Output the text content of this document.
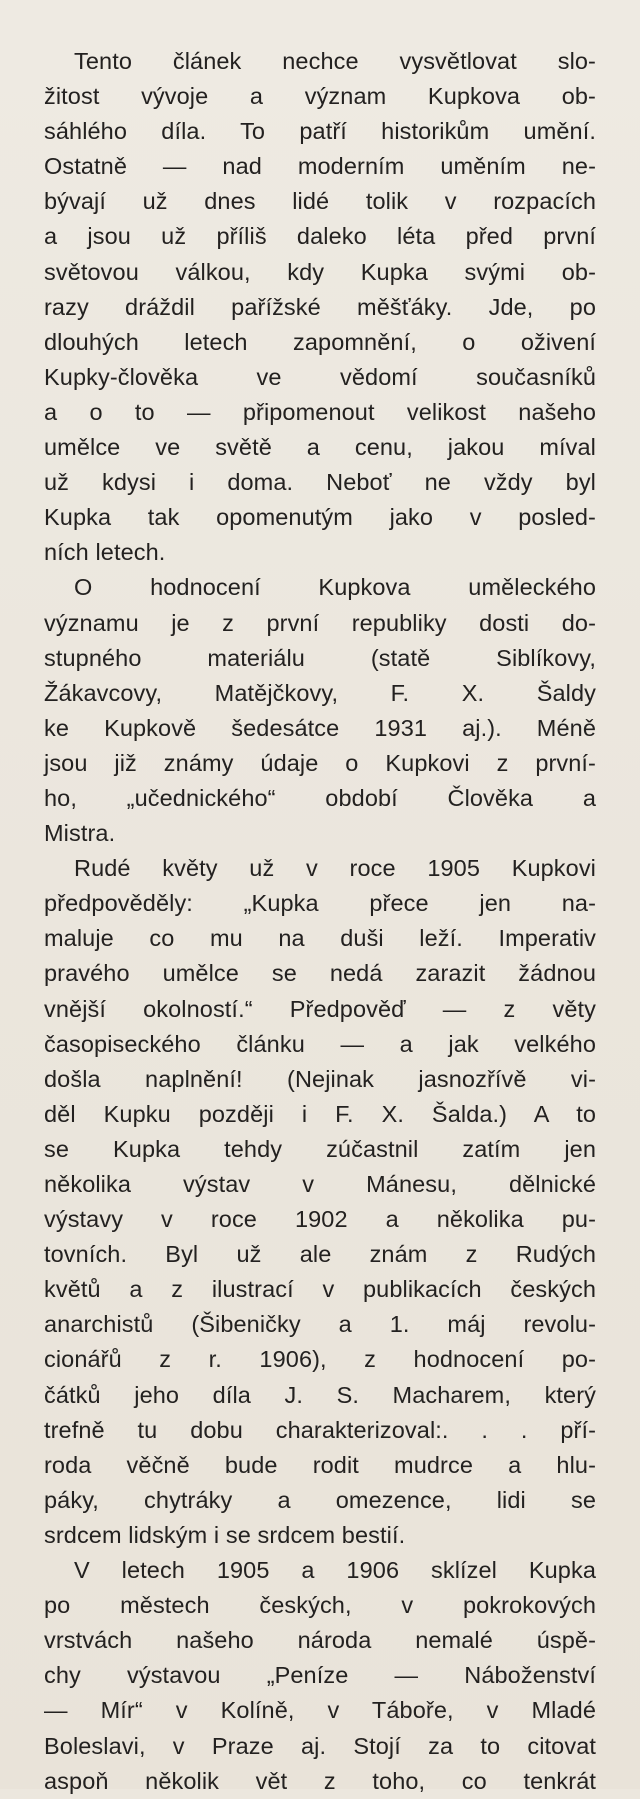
Tento článek nechce vysvětlovat slo-
žitost vývoje a význam Kupkova ob-
sáhlého díla. To patří historikům umění.
Ostatně — nad moderním uměním ne-
bývají už dnes lidé tolik v rozpacích
a jsou už příliš daleko léta před první
světovou válkou, kdy Kupka svými ob-
razy dráždil pařížské měšťáky. Jde, po
dlouhých letech zapomnění, o oživení
Kupky-člověka ve vědomí současníků
a o to — připomenout velikost našeho
umělce ve světě a cenu, jakou míval
už kdysi i doma. Neboť ne vždy byl
Kupka tak opomenutým jako v posled-
ních letech.
O hodnocení Kupkova uměleckého
významu je z první republiky dosti do-
stupného materiálu (statě Siblíkovy,
Žákavcovy, Matějčkovy, F. X. Šaldy
ke Kupkově šedesátce 1931 aj.). Méně
jsou již známy údaje o Kupkovi z první-
ho, „učednického“ období Člověka a
Mistra.
Rudé květy už v roce 1905 Kupkovi
předpověděly: „Kupka přece jen na-
maluje co mu na duši leží. Imperativ
pravého umělce se nedá zarazit žádnou
vnější okolností.“ Předpověď — z věty
časopiseckého článku — a jak velkého
došla naplnění! (Nejinak jasnozřívě vi-
děl Kupku později i F. X. Šalda.) A to
se Kupka tehdy zúčastnil zatím jen
několika výstav v Mánesu, dělnické
výstavy v roce 1902 a několika pu-
tovních. Byl už ale znám z Rudých
květů a z ilustrací v publikacích českých
anarchistů (Šibeničky a 1. máj revolu-
cionářů z r. 1906), z hodnocení po-
čátků jeho díla J. S. Macharem, který
trefně tu dobu charakterizoval:. . . pří-
roda věčně bude rodit mudrce a hlu-
páky, chytráky a omezence, lidi se
srdcem lidským i se srdcem bestií.
V letech 1905 a 1906 sklízel Kupka
po městech českých, v pokrokových
vrstvách našeho národa nemalé úspě-
chy výstavou „Peníze — Náboženství
— Mír“ v Kolíně, v Táboře, v Mladé
Boleslavi, v Praze aj. Stojí za to citovat
aspoň několik vět z toho, co tenkrát
